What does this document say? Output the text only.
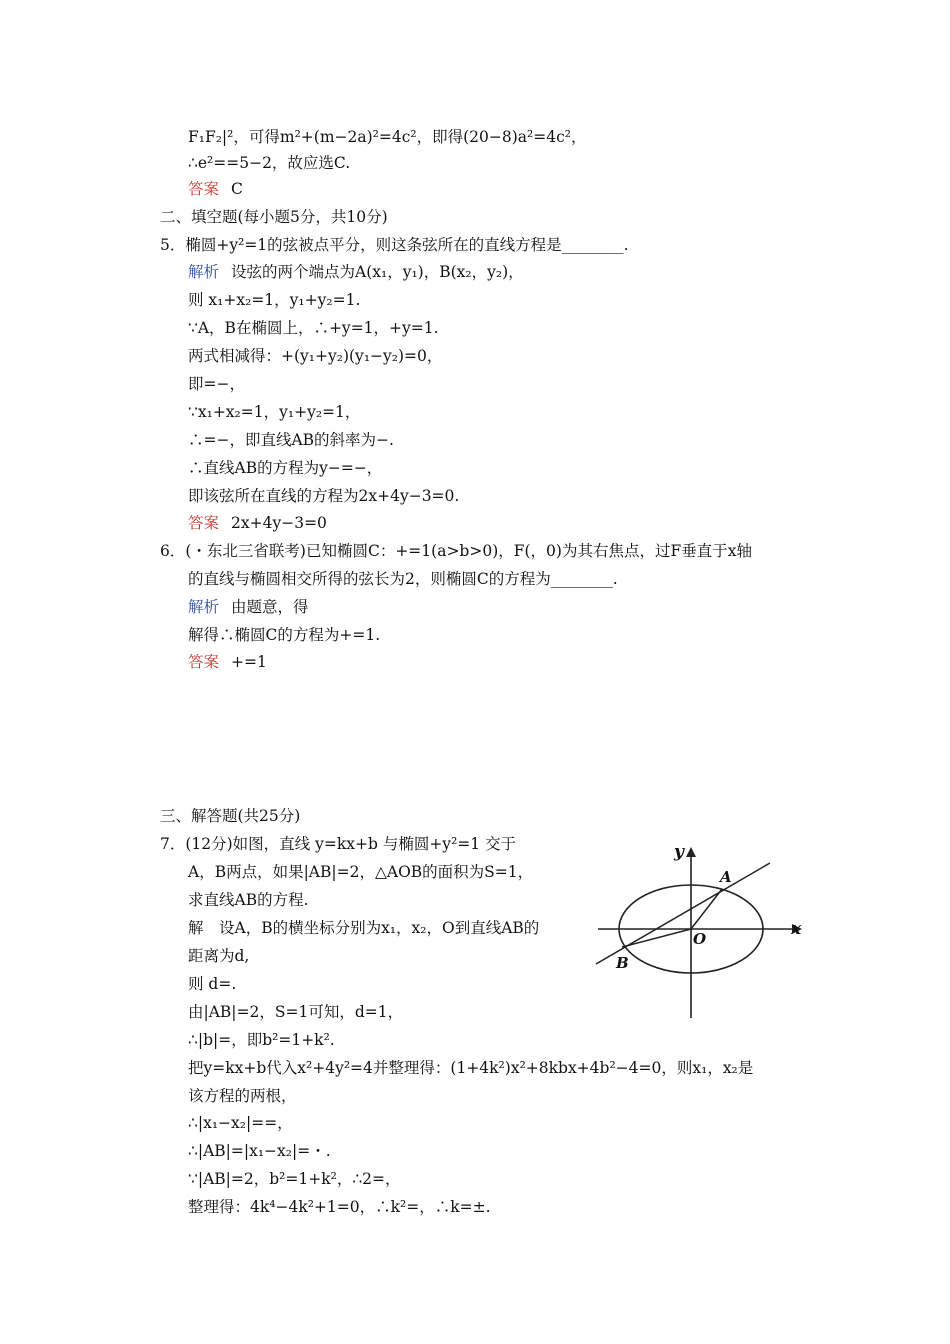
F₁F₂|²，可得m²+(m−2a)²=4c²，即得(20−8)a²=4c²，
∴e²==5−2，故应选C.
答案 C
二、填空题(每小题5分，共10分)
5．椭圆+y²=1的弦被点平分，则这条弦所在的直线方程是________.
解析 设弦的两个端点为A(x₁，y₁)，B(x₂，y₂)，
则 x₁+x₂=1，y₁+y₂=1.
∵A，B在椭圆上，∴+y=1，+y=1.
两式相减得：+(y₁+y₂)(y₁−y₂)=0，
即=−，
∵x₁+x₂=1，y₁+y₂=1，
∴=−，即直线AB的斜率为−.
∴直线AB的方程为y−=−，
即该弦所在直线的方程为2x+4y−3=0.
答案 2x+4y−3=0
6．(・东北三省联考)已知椭圆C：+=1(a>b>0)，F(，0)为其右焦点，过F垂直于x轴
的直线与椭圆相交所得的弦长为2，则椭圆C的方程为________.
解析 由题意，得
解得∴椭圆C的方程为+=1.
答案 +=1
三、解答题(共25分)
7．(12分)如图，直线 y=kx+b 与椭圆+y²=1 交于
A，B两点，如果|AB|=2，△AOB的面积为S=1，
求直线AB的方程.
解　设A，B的横坐标分别为x₁，x₂，O到直线AB的
距离为d,
则 d=.
由|AB|=2，S=1可知，d=1，
∴|b|=，即b²=1+k².
把y=kx+b代入x²+4y²=4并整理得：(1+4k²)x²+8kbx+4b²−4=0，则x₁，x₂是
该方程的两根，
∴|x₁−x₂|==，
∴|AB|=|x₁−x₂|=・.
∵|AB|=2，b²=1+k²，∴2=，
整理得：4k⁴−4k²+1=0，∴k²=，∴k=±.
y
x
A
B
O
